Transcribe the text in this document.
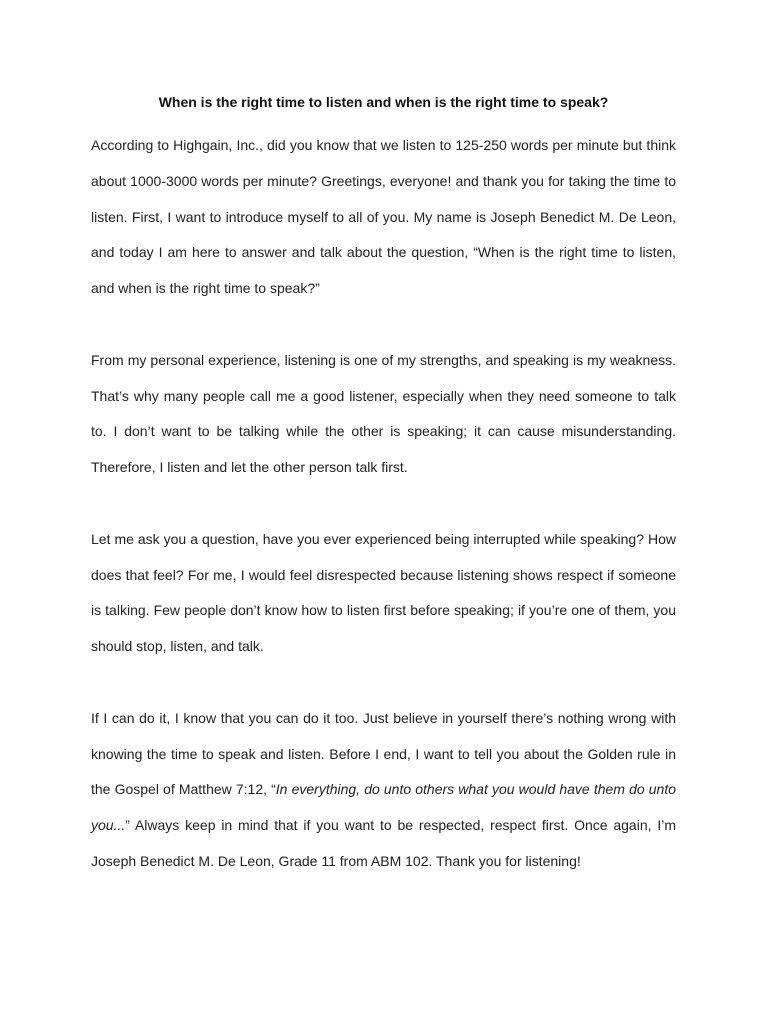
When is the right time to listen and when is the right time to speak?

According to Highgain, Inc., did you know that we listen to 125-250 words per minute but think about 1000-3000 words per minute? Greetings, everyone! and thank you for taking the time to listen. First, I want to introduce myself to all of you. My name is Joseph Benedict M. De Leon, and today I am here to answer and talk about the question, “When is the right time to listen, and when is the right time to speak?”

From my personal experience, listening is one of my strengths, and speaking is my weakness. That’s why many people call me a good listener, especially when they need someone to talk to. I don’t want to be talking while the other is speaking; it can cause misunderstanding. Therefore, I listen and let the other person talk first.

Let me ask you a question, have you ever experienced being interrupted while speaking? How does that feel? For me, I would feel disrespected because listening shows respect if someone is talking. Few people don’t know how to listen first before speaking; if you’re one of them, you should stop, listen, and talk.

If I can do it, I know that you can do it too. Just believe in yourself there’s nothing wrong with knowing the time to speak and listen. Before I end, I want to tell you about the Golden rule in the Gospel of Matthew 7:12, “In everything, do unto others what you would have them do unto you...” Always keep in mind that if you want to be respected, respect first. Once again, I’m Joseph Benedict M. De Leon, Grade 11 from ABM 102. Thank you for listening!
